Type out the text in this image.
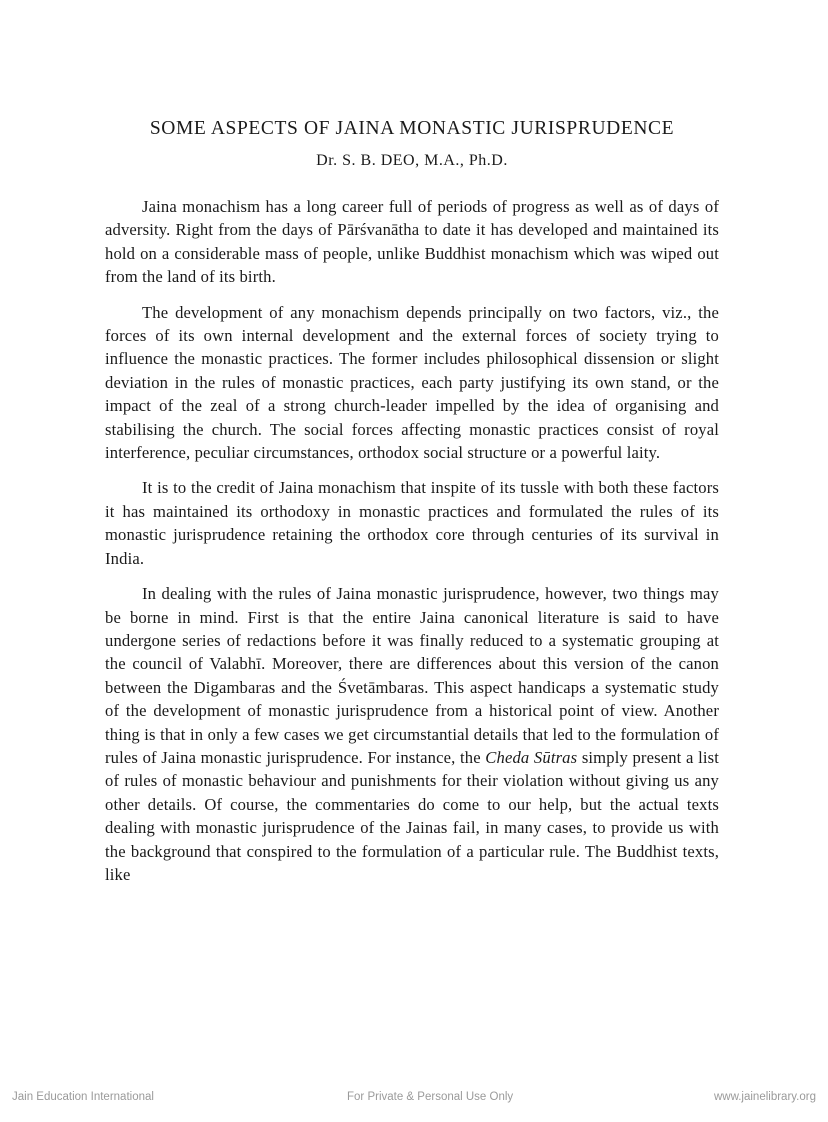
SOME ASPECTS OF JAINA MONASTIC JURISPRUDENCE
Dr. S. B. DEO, M.A., Ph.D.

Jaina monachism has a long career full of periods of progress as well as of days of adversity. Right from the days of Pārśvanātha to date it has developed and maintained its hold on a considerable mass of people, unlike Buddhist monachism which was wiped out from the land of its birth.

The development of any monachism depends principally on two factors, viz., the forces of its own internal development and the external forces of society trying to influence the monastic practices. The former includes philosophical dissension or slight deviation in the rules of monastic practices, each party justifying its own stand, or the impact of the zeal of a strong church-leader impelled by the idea of organising and stabilising the church. The social forces affecting monastic practices consist of royal interference, peculiar circumstances, orthodox social structure or a powerful laity.

It is to the credit of Jaina monachism that inspite of its tussle with both these factors it has maintained its orthodoxy in monastic practices and formulated the rules of its monastic jurisprudence retaining the orthodox core through centuries of its survival in India.

In dealing with the rules of Jaina monastic jurisprudence, however, two things may be borne in mind. First is that the entire Jaina canonical literature is said to have undergone series of redactions before it was finally reduced to a systematic grouping at the council of Valabhī. Moreover, there are differences about this version of the canon between the Digambaras and the Śvetāmbaras. This aspect handicaps a systematic study of the development of monastic jurisprudence from a historical point of view. Another thing is that in only a few cases we get circumstantial details that led to the formulation of rules of Jaina monastic jurisprudence. For instance, the Cheda Sūtras simply present a list of rules of monastic behaviour and punishments for their violation without giving us any other details. Of course, the commentaries do come to our help, but the actual texts dealing with monastic jurisprudence of the Jainas fail, in many cases, to provide us with the background that conspired to the formulation of a particular rule. The Buddhist texts, like

Jain Education International	For Private & Personal Use Only	www.jainelibrary.org
